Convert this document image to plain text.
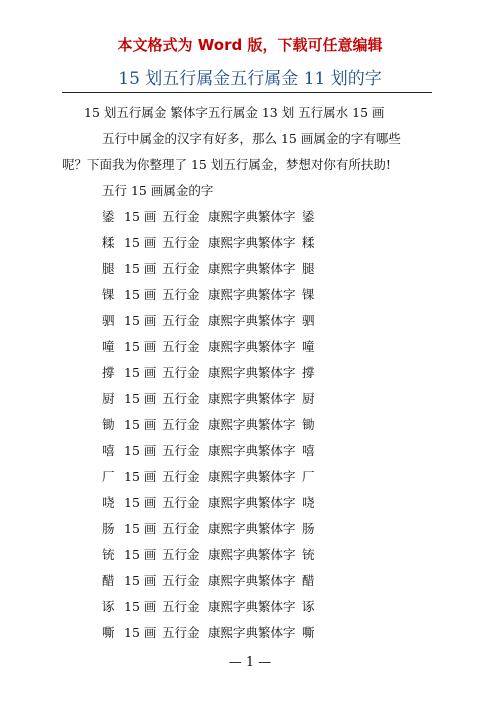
本文格式为 Word 版，下载可任意编辑
15 划五行属金五行属金 11 划的字
15 划五行属金 繁体字五行属金 13 划 五行属水 15 画
五行中属金的汉字有好多，那么 15 画属金的字有哪些
呢？下面我为你整理了 15 划五行属金，梦想对你有所扶助!
五行 15 画属金的字
鋈 15 画 五行金 康熙字典繁体字 鋈
糅 15 画 五行金 康熙字典繁体字 糅
腿 15 画 五行金 康熙字典繁体字 腿
锞 15 画 五行金 康熙字典繁体字 锞
驷 15 画 五行金 康熙字典繁体字 驷
噇 15 画 五行金 康熙字典繁体字 噇
撐 15 画 五行金 康熙字典繁体字 撐
厨 15 画 五行金 康熙字典繁体字 厨
锄 15 画 五行金 康熙字典繁体字 锄
嘻 15 画 五行金 康熙字典繁体字 嘻
厂 15 画 五行金 康熙字典繁体字 厂
哓 15 画 五行金 康熙字典繁体字 哓
肠 15 画 五行金 康熙字典繁体字 肠
铳 15 画 五行金 康熙字典繁体字 铳
醋 15 画 五行金 康熙字典繁体字 醋
诼 15 画 五行金 康熙字典繁体字 诼
嘶 15 画 五行金 康熙字典繁体字 嘶
— 1 —
